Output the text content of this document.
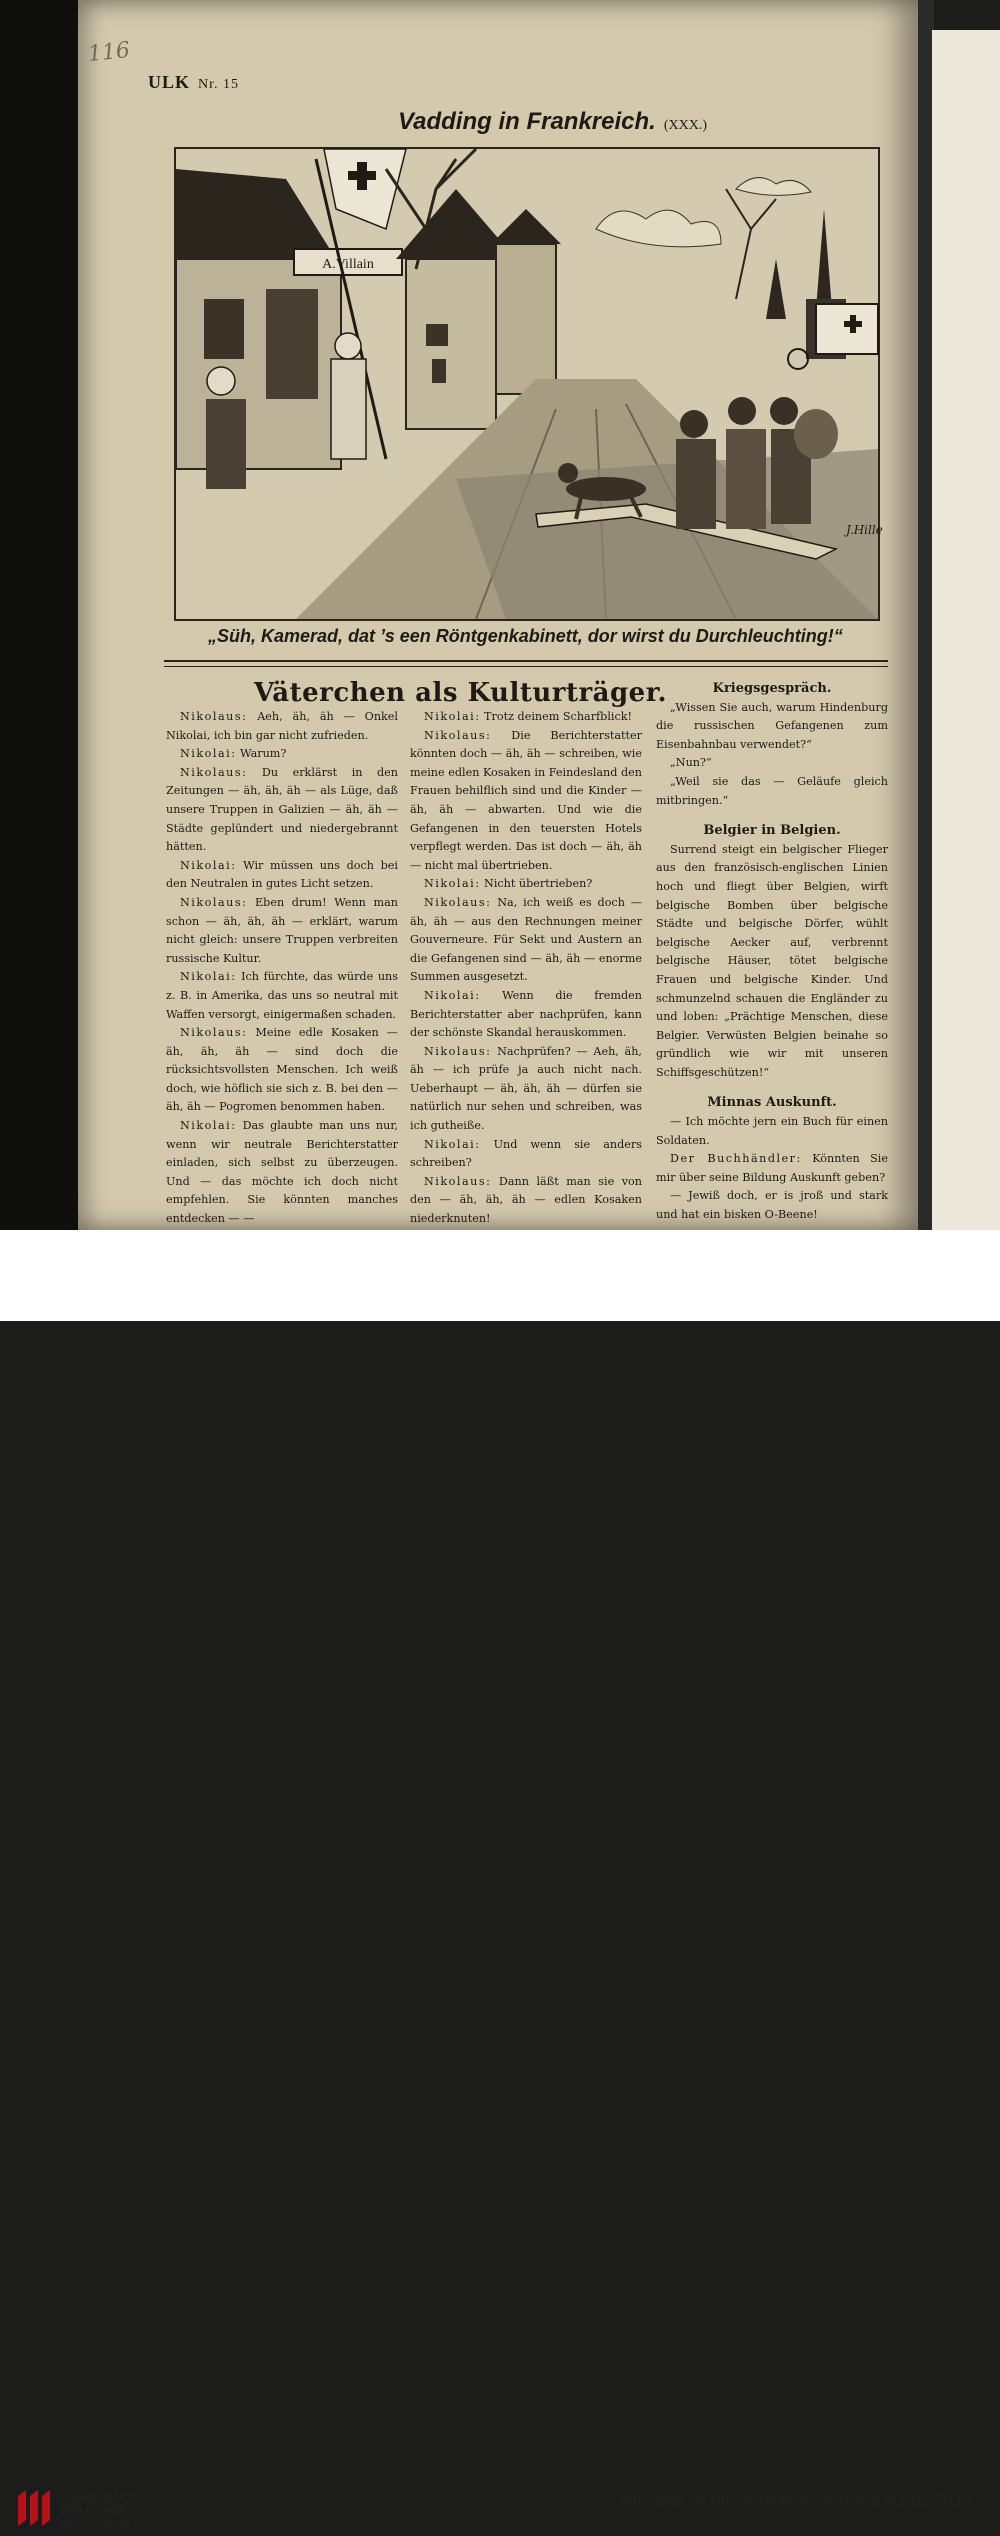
116
ULK Nr. 15
Vadding in Frankreich. (XXX.)
A.Villain
J.Hille
„Süh, Kamerad, dat ’s een Röntgenkabinett, dor wirst du Durchleuchting!“
Väterchen als Kulturträger.

Nikolaus: Aeh, äh, äh — Onkel Nikolai, ich bin gar nicht zufrieden.

Nikolai: Warum?

Nikolaus: Du erklärst in den Zeitungen — äh, äh, äh — als Lüge, daß unsere Truppen in Galizien — äh, äh — Städte geplündert und niedergebrannt hätten.

Nikolai: Wir müssen uns doch bei den Neutralen in gutes Licht setzen.

Nikolaus: Eben drum! Wenn man schon — äh, äh, äh — erklärt, warum nicht gleich: unsere Truppen verbreiten russische Kultur.

Nikolai: Ich fürchte, das würde uns z. B. in Amerika, das uns so neutral mit Waffen versorgt, einigermaßen schaden.

Nikolaus: Meine edle Kosaken — äh, äh, äh — sind doch die rücksichtsvollsten Menschen. Ich weiß doch, wie höflich sie sich z. B. bei den — äh, äh — Pogromen benommen haben.

Nikolai: Das glaubte man uns nur, wenn wir neutrale Berichterstatter einladen, sich selbst zu überzeugen. Und — das möchte ich doch nicht empfehlen. Sie könnten manches entdecken — —

Nikolai: Trotz deinem Scharfblick!

Nikolaus: Die Berichterstatter könnten doch — äh, äh — schreiben, wie meine edlen Kosaken in Feindesland den Frauen behilflich sind und die Kinder — äh, äh — abwarten. Und wie die Gefangenen in den teuersten Hotels verpflegt werden. Das ist doch — äh, äh — nicht mal übertrieben.

Nikolai: Nicht übertrieben?

Nikolaus: Na, ich weiß es doch — äh, äh — aus den Rechnungen meiner Gouverneure. Für Sekt und Austern an die Gefangenen sind — äh, äh — enorme Summen ausgesetzt.

Nikolai: Wenn die fremden Berichterstatter aber nachprüfen, kann der schönste Skandal herauskommen.

Nikolaus: Nachprüfen? — Aeh, äh, äh — ich prüfe ja auch nicht nach. Ueberhaupt — äh, äh, äh — dürfen sie natürlich nur sehen und schreiben, was ich gutheiße.

Nikolai: Und wenn sie anders schreiben?

Nikolaus: Dann läßt man sie von den — äh, äh, äh — edlen Kosaken niederknuten!

Kriegsgespräch.

„Wissen Sie auch, warum Hindenburg die russischen Gefangenen zum Eisenbahnbau verwendet?“

„Nun?“

„Weil sie das — Geläufe gleich mitbringen.“

Belgier in Belgien.

Surrend steigt ein belgischer Flieger aus den französisch-englischen Linien hoch und fliegt über Belgien, wirft belgische Bomben über belgische Städte und belgische Dörfer, wühlt belgische Aecker auf, verbrennt belgische Häuser, tötet belgische Frauen und belgische Kinder. Und schmunzelnd schauen die Engländer zu und loben: „Prächtige Menschen, diese Belgier. Verwüsten Belgien beinahe so gründlich wie wir mit unseren Schiffsgeschützen!“

Minnas Auskunft.

— Ich möchte jern ein Buch für einen Soldaten.

Der Buchhändler: Könnten Sie mir über seine Bildung Auskunft geben?

— Jewiß doch, er is jroß und stark und hat ein bisken O-Beene!

UNIVERSITÄTS-
BIBLIOTHEK
HEIDELBERG
http://digi.ub.uni-heidelberg.de/diglit/ulk1915/0116
